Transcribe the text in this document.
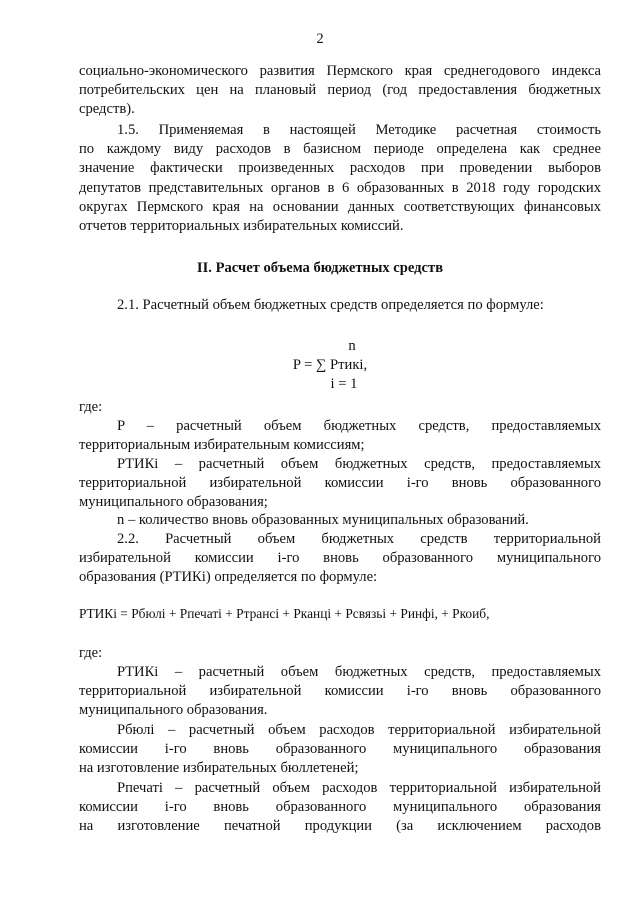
2
социально-экономического развития Пермского края среднегодового индекса
потребительских цен на плановый период (год предоставления бюджетных
средств).
1.5. Применяемая в настоящей Методике расчетная стоимость
по каждому виду расходов в базисном периоде определена как среднее
значение фактически произведенных расходов при проведении выборов
депутатов представительных органов в 6 образованных в 2018 году городских
округах Пермского края на основании данных соответствующих финансовых
отчетов территориальных избирательных комиссий.
II. Расчет объема бюджетных средств
2.1. Расчетный объем бюджетных средств определяется по формуле:
n
P = ∑ Pтикi,
i = 1
где:
P – расчетный объем бюджетных средств, предоставляемых
территориальным избирательным комиссиям;
PТИКi – расчетный объем бюджетных средств, предоставляемых
территориальной избирательной комиссии i-го вновь образованного
муниципального образования;
n – количество вновь образованных муниципальных образований.
2.2. Расчетный объем бюджетных средств территориальной
избирательной комиссии i-го вновь образованного муниципального
образования (PТИКi) определяется по формуле:
PТИКi = Pбюлi + Pпечатi + Pтрансi + Pканцi + Pсвязьi + Pинфi, + Pкоиб,
где:
PТИКi – расчетный объем бюджетных средств, предоставляемых
территориальной избирательной комиссии i-го вновь образованного
муниципального образования.
Pбюлi – расчетный объем расходов территориальной избирательной
комиссии i-го вновь образованного муниципального образования
на изготовление избирательных бюллетеней;
Pпечатi – расчетный объем расходов территориальной избирательной
комиссии i-го вновь образованного муниципального образования
на изготовление печатной продукции (за исключением расходов
